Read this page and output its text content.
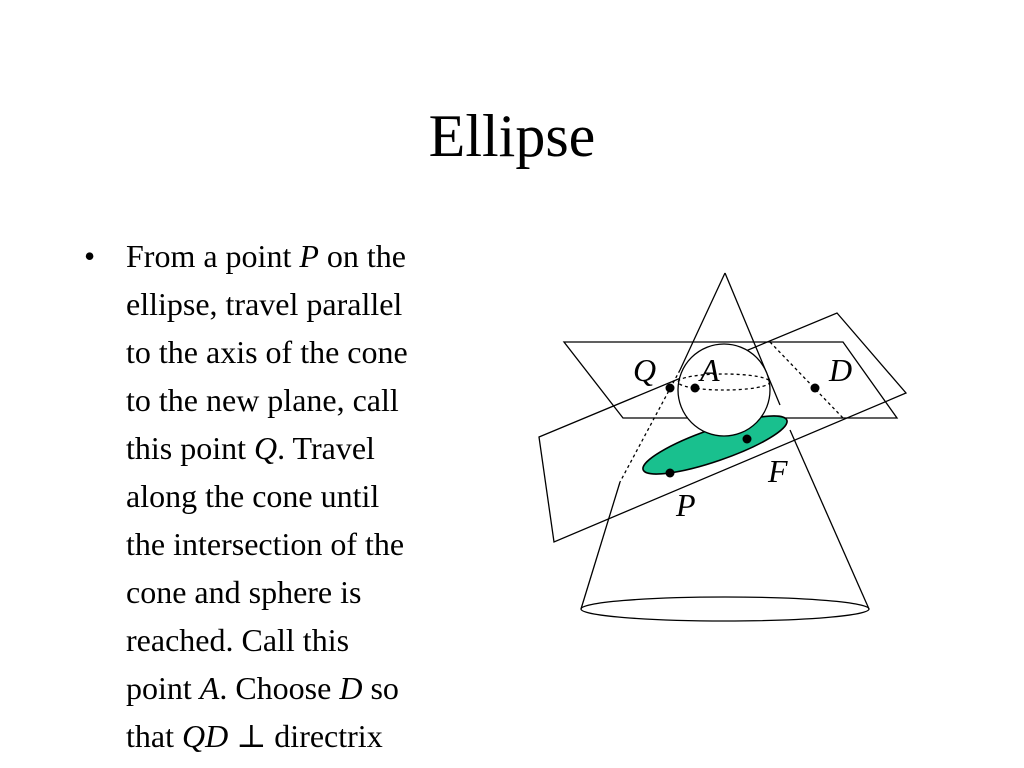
Ellipse
• From a point P on the
ellipse, travel parallel
to the axis of the cone
to the new plane, call
this point Q. Travel
along the cone until
the intersection of the
cone and sphere is
reached. Call this
point A. Choose D so
that QD ⊥ directrix
Q A	D
F
P
